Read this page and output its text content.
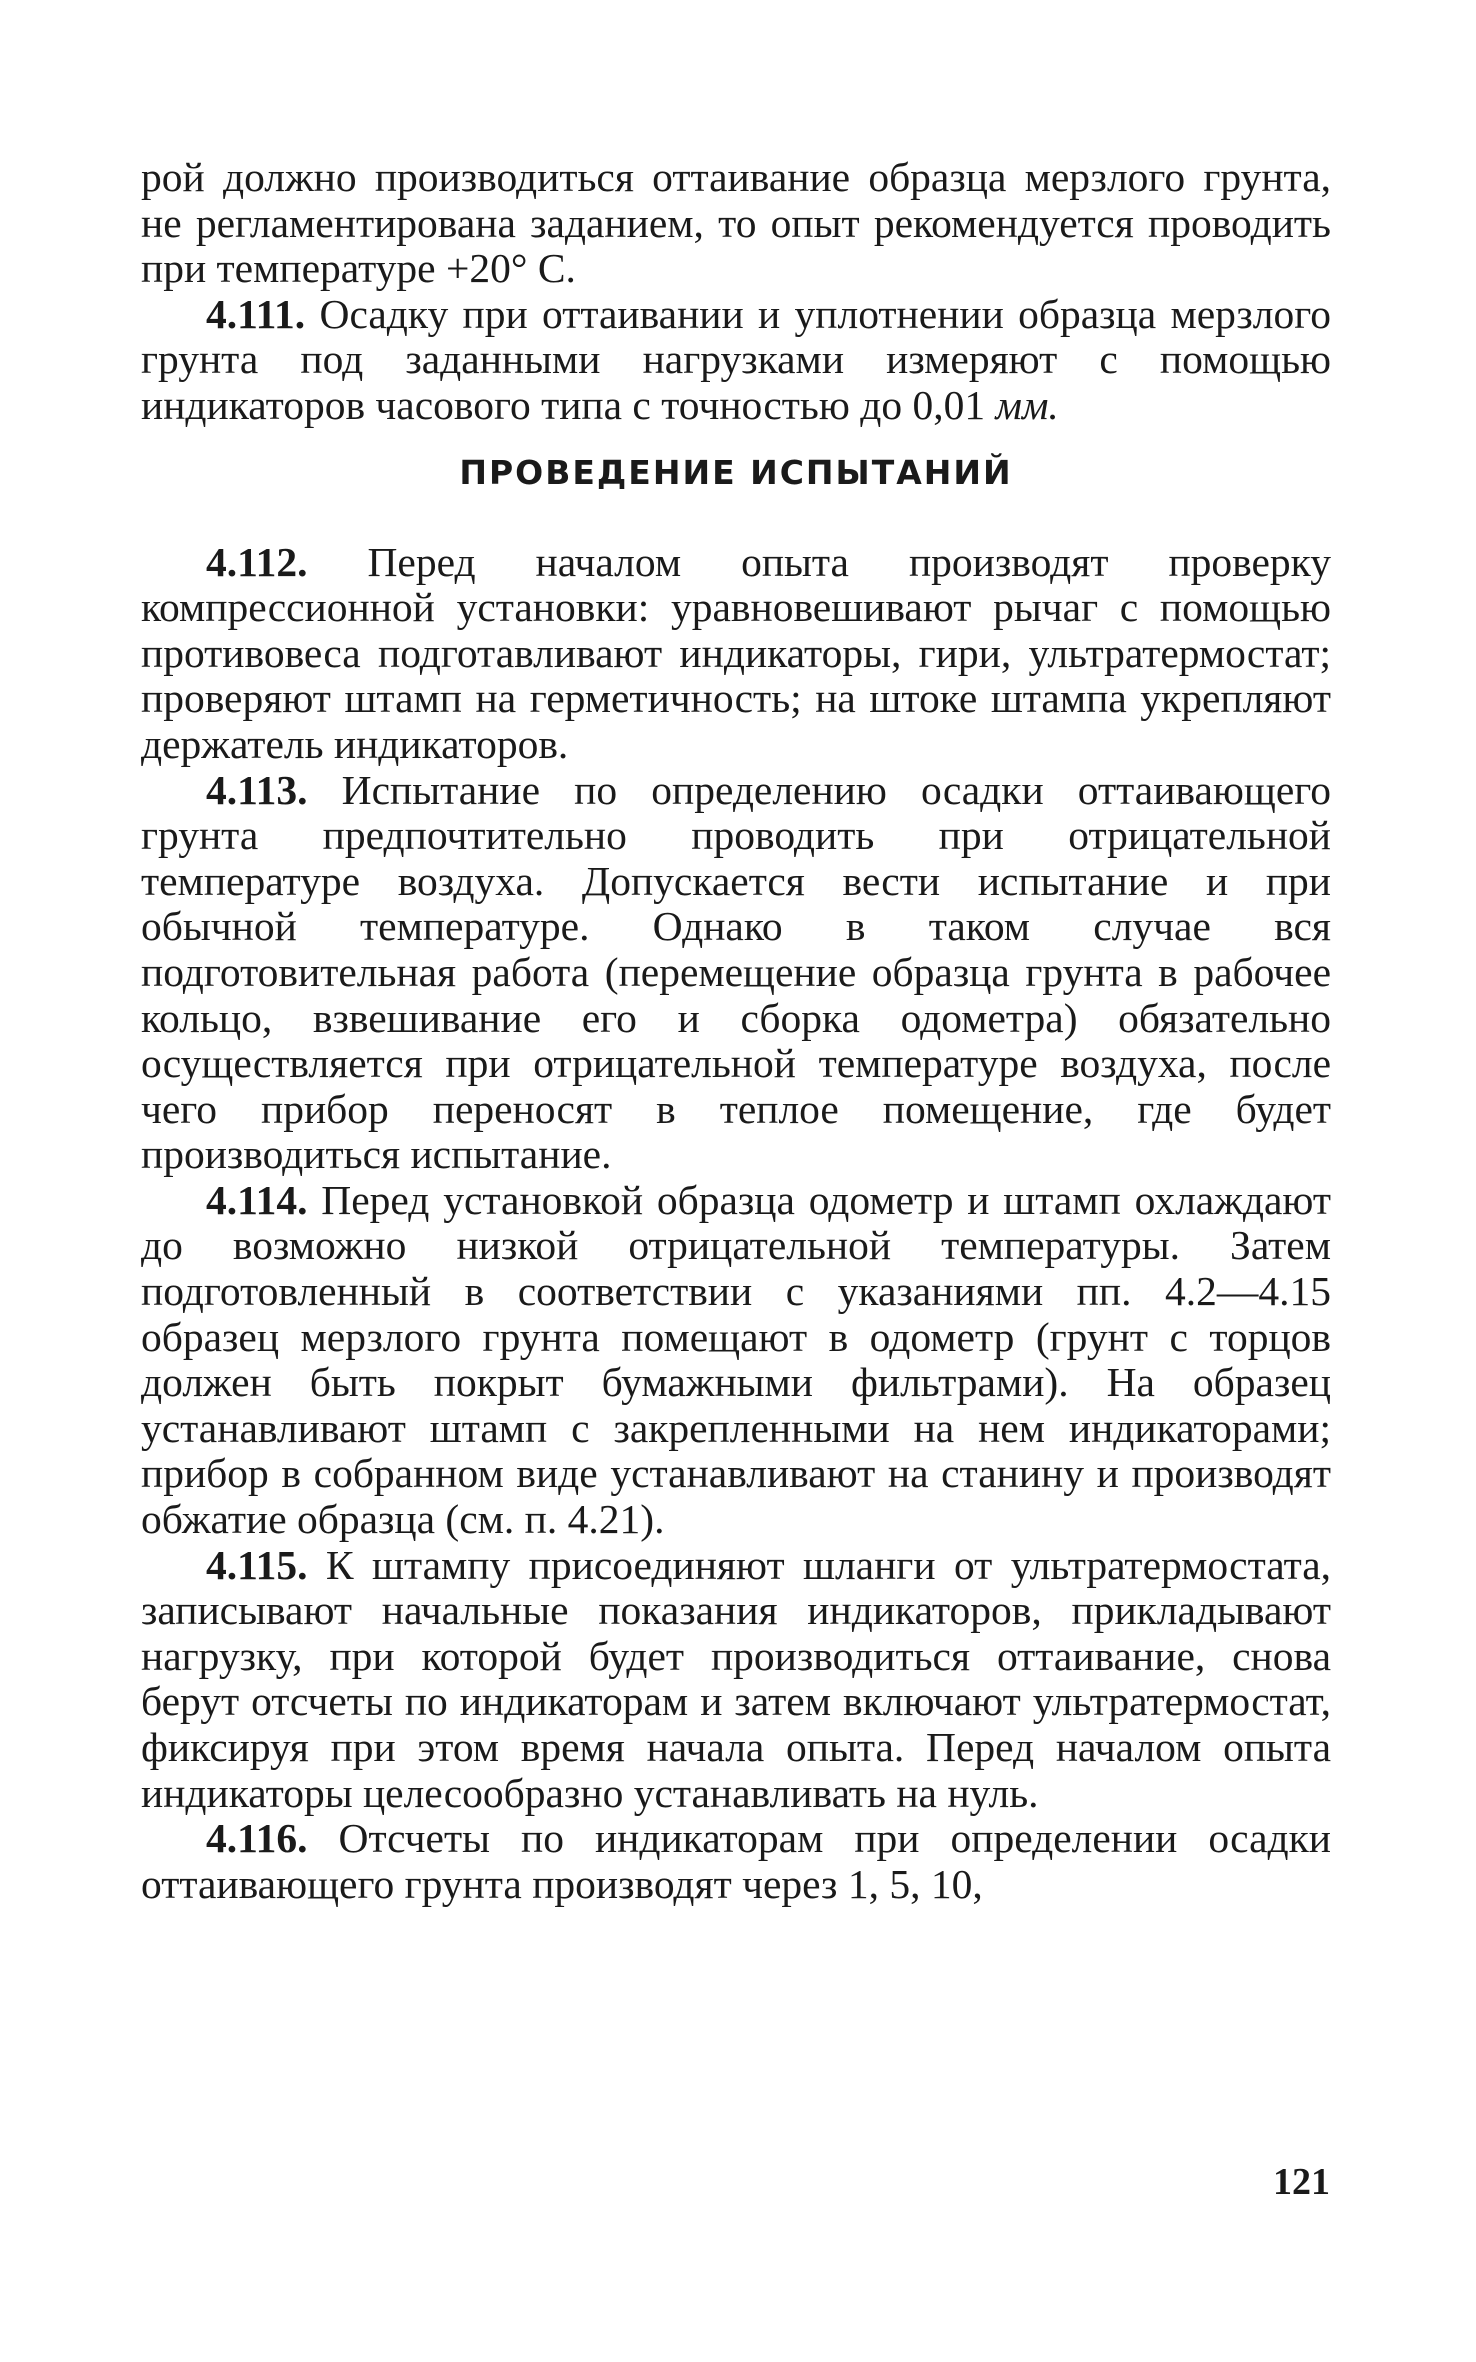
рой должно производиться оттаивание образца мерзлого грунта, не регламентирована заданием, то опыт рекомендуется проводить при температуре +20° С.

4.111. Осадку при оттаивании и уплотнении образца мерзлого грунта под заданными нагрузками измеряют с помощью индикаторов часового типа с точностью до 0,01 мм.

ПРОВЕДЕНИЕ ИСПЫТАНИЙ

4.112. Перед началом опыта производят проверку компрессионной установки: уравновешивают рычаг с помощью противовеса подготавливают индикаторы, гири, ультратермостат; проверяют штамп на герметичность; на штоке штампа укрепляют держатель индикаторов.

4.113. Испытание по определению осадки оттаивающего грунта предпочтительно проводить при отрицательной температуре воздуха. Допускается вести испытание и при обычной температуре. Однако в таком случае вся подготовительная работа (перемещение образца грунта в рабочее кольцо, взвешивание его и сборка одометра) обязательно осуществляется при отрицательной температуре воздуха, после чего прибор переносят в теплое помещение, где будет производиться испытание.

4.114. Перед установкой образца одометр и штамп охлаждают до возможно низкой отрицательной температуры. Затем подготовленный в соответствии с указаниями пп. 4.2—4.15 образец мерзлого грунта помещают в одометр (грунт с торцов должен быть покрыт бумажными фильтрами). На образец устанавливают штамп с закрепленными на нем индикаторами; прибор в собранном виде устанавливают на станину и производят обжатие образца (см. п. 4.21).

4.115. К штампу присоединяют шланги от ультратермостата, записывают начальные показания индикаторов, прикладывают нагрузку, при которой будет производиться оттаивание, снова берут отсчеты по индикаторам и затем включают ультратермостат, фиксируя при этом время начала опыта. Перед началом опыта индикаторы целесообразно устанавливать на нуль.

4.116. Отсчеты по индикаторам при определении осадки оттаивающего грунта производят через 1, 5, 10,

121
